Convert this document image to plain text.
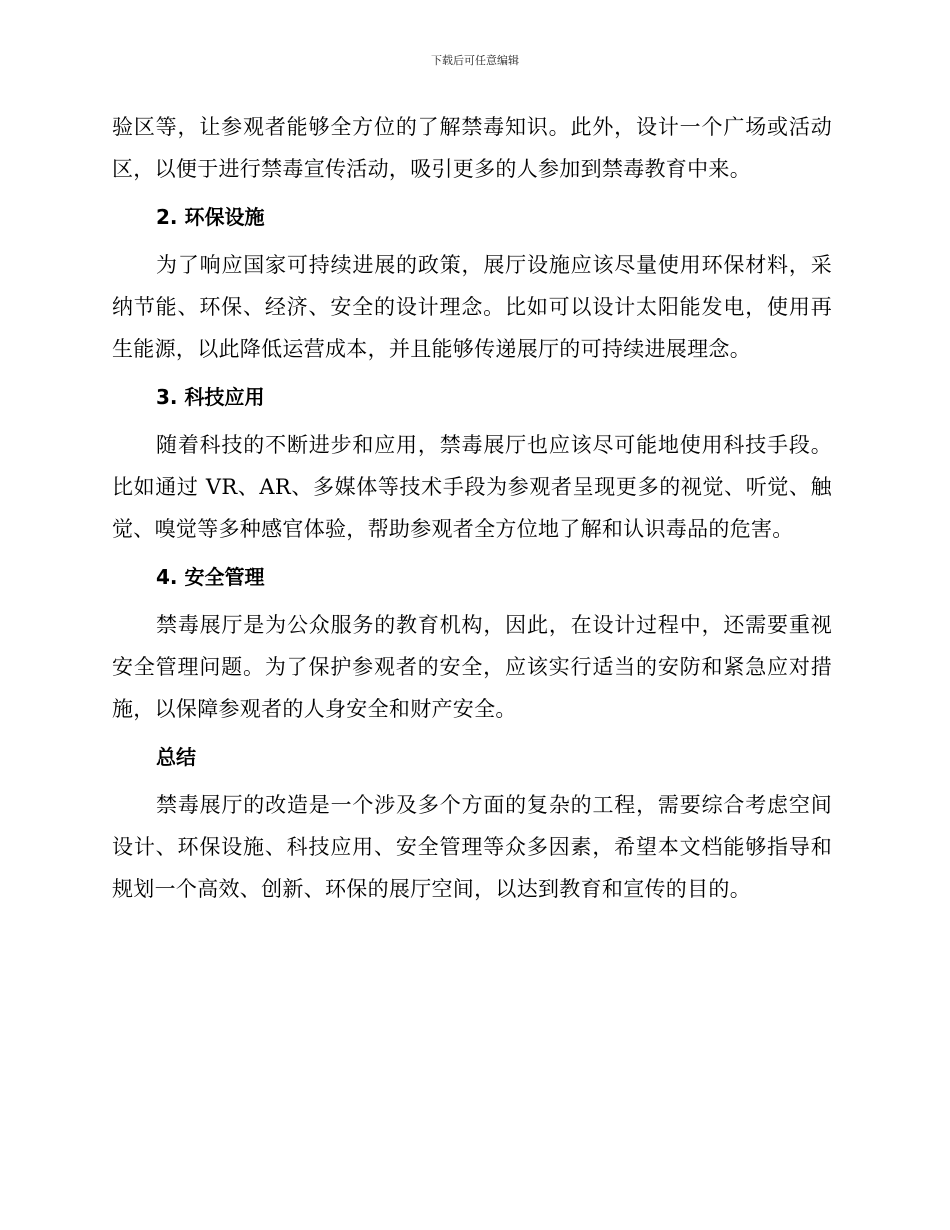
下载后可任意编辑

验区等，让参观者能够全方位的了解禁毒知识。此外，设计一个广场或活动区，以便于进行禁毒宣传活动，吸引更多的人参加到禁毒教育中来。

2. 环保设施

为了响应国家可持续进展的政策，展厅设施应该尽量使用环保材料，采纳节能、环保、经济、安全的设计理念。比如可以设计太阳能发电，使用再生能源，以此降低运营成本，并且能够传递展厅的可持续进展理念。

3. 科技应用

随着科技的不断进步和应用，禁毒展厅也应该尽可能地使用科技手段。比如通过 VR、AR、多媒体等技术手段为参观者呈现更多的视觉、听觉、触觉、嗅觉等多种感官体验，帮助参观者全方位地了解和认识毒品的危害。

4. 安全管理

禁毒展厅是为公众服务的教育机构，因此，在设计过程中，还需要重视安全管理问题。为了保护参观者的安全，应该实行适当的安防和紧急应对措施，以保障参观者的人身安全和财产安全。

总结

禁毒展厅的改造是一个涉及多个方面的复杂的工程，需要综合考虑空间设计、环保设施、科技应用、安全管理等众多因素，希望本文档能够指导和规划一个高效、创新、环保的展厅空间，以达到教育和宣传的目的。
